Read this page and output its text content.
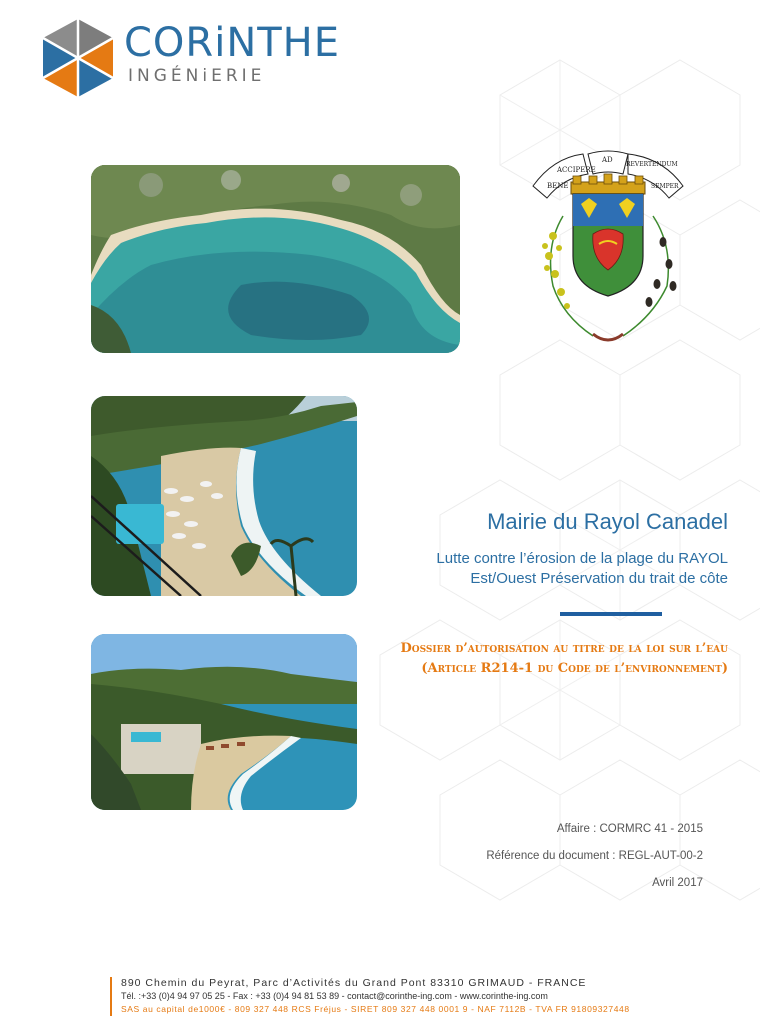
CORiNTHE
INGÉNiERIE
BENE
ACCIPERE
AD
REVERTENDUM
SEMPER
Mairie du Rayol Canadel
Lutte contre l’érosion de la plage du RAYOL
Est/Ouest Préservation du trait de côte
Dossier d’autorisation au titre de la loi sur l’eau
(Article R214-1 du Code de l’environnement)
Affaire : CORMRC 41 - 2015
Référence du document : REGL-AUT-00-2
Avril 2017
890 Chemin du Peyrat, Parc d’Activités du Grand Pont 83310 GRIMAUD - FRANCE
Tél. :+33 (0)4 94 97 05 25 - Fax : +33 (0)4 94 81 53 89 - contact@corinthe-ing.com - www.corinthe-ing.com
SAS au capital de1000€ - 809 327 448 RCS Fréjus - SIRET 809 327 448 0001 9 - NAF 7112B - TVA FR 91809327448
